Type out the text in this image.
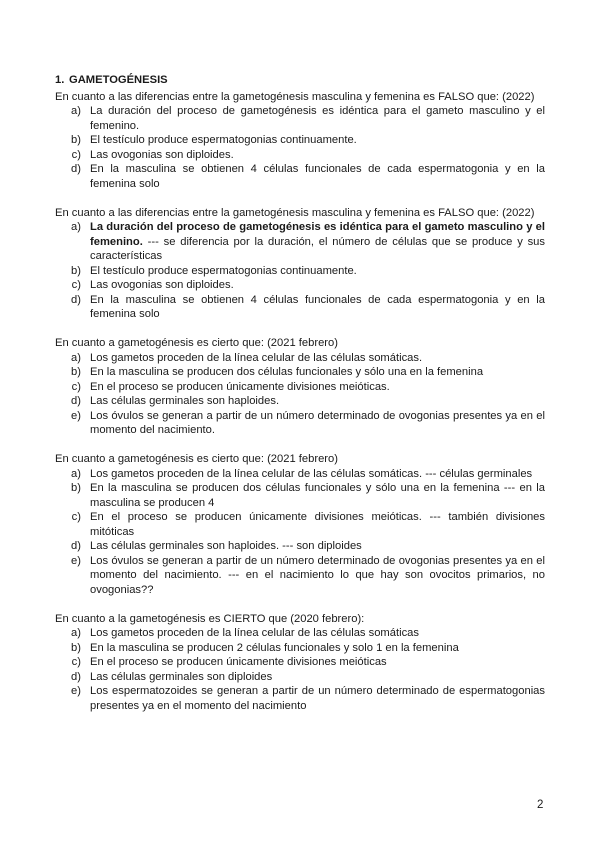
1. GAMETOGÉNESIS

En cuanto a las diferencias entre la gametogénesis masculina y femenina es FALSO que: (2022)

a) La duración del proceso de gametogénesis es idéntica para el gameto masculino y el femenino.
b) El testículo produce espermatogonias continuamente.
c) Las ovogonias son diploides.
d) En la masculina se obtienen 4 células funcionales de cada espermatogonia y en la femenina solo

En cuanto a las diferencias entre la gametogénesis masculina y femenina es FALSO que: (2022)

a) La duración del proceso de gametogénesis es idéntica para el gameto masculino y el femenino. --- se diferencia por la duración, el número de células que se produce y sus características
b) El testículo produce espermatogonias continuamente.
c) Las ovogonias son diploides.
d) En la masculina se obtienen 4 células funcionales de cada espermatogonia y en la femenina solo

En cuanto a gametogénesis es cierto que: (2021 febrero)

a) Los gametos proceden de la línea celular de las células somáticas.
b) En la masculina se producen dos células funcionales y sólo una en la femenina
c) En el proceso se producen únicamente divisiones meióticas.
d) Las células germinales son haploides.
e) Los óvulos se generan a partir de un número determinado de ovogonias presentes ya en el momento del nacimiento.

En cuanto a gametogénesis es cierto que: (2021 febrero)

a) Los gametos proceden de la línea celular de las células somáticas. --- células germinales
b) En la masculina se producen dos células funcionales y sólo una en la femenina --- en la masculina se producen 4
c) En el proceso se producen únicamente divisiones meióticas. --- también divisiones mitóticas
d) Las células germinales son haploides. --- son diploides
e) Los óvulos se generan a partir de un número determinado de ovogonias presentes ya en el momento del nacimiento. --- en el nacimiento lo que hay son ovocitos primarios, no ovogonias??

En cuanto a la gametogénesis es CIERTO que (2020 febrero):

a) Los gametos proceden de la línea celular de las células somáticas
b) En la masculina se producen 2 células funcionales y solo 1 en la femenina
c) En el proceso se producen únicamente divisiones meióticas
d) Las células germinales son diploides
e) Los espermatozoides se generan a partir de un número determinado de espermatogonias presentes ya en el momento del nacimiento
2
